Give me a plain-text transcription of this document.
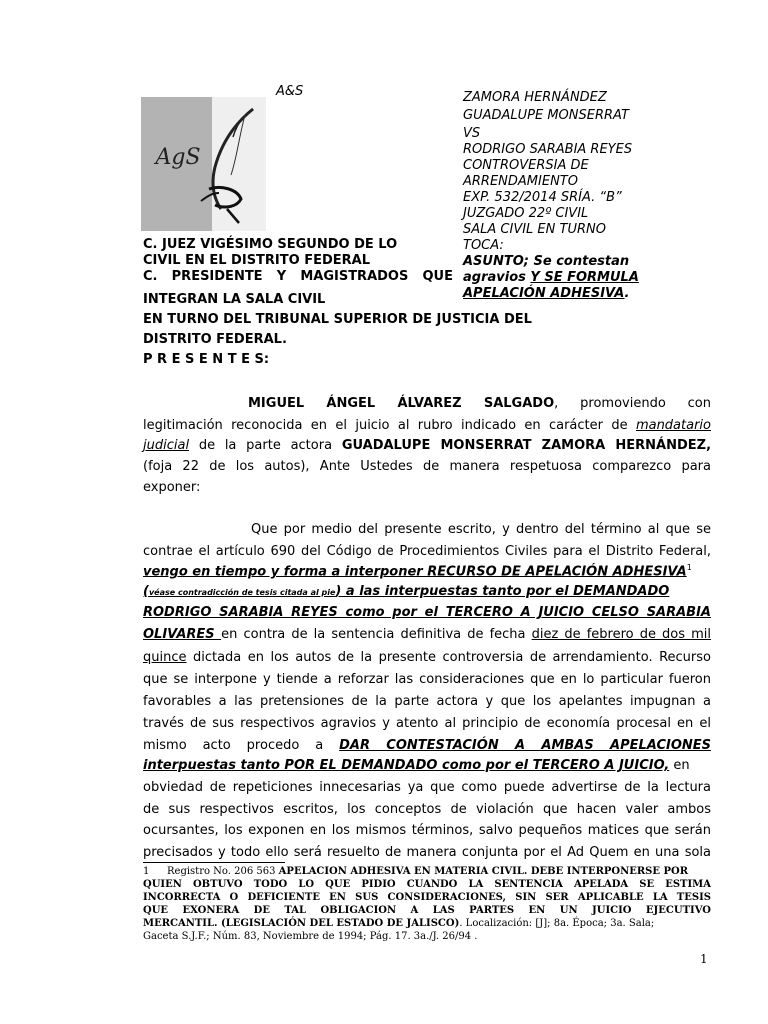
AgS
A&S	ZAMORA HERNÁNDEZ
GUADALUPE MONSERRAT
VS
RODRIGO SARABIA REYES
CONTROVERSIA DE
ARRENDAMIENTO
EXP. 532/2014 SRÍA. “B”
JUZGADO 22º CIVIL
SALA CIVIL EN TURNO
TOCA:
ASUNTO; Se contestan
agravios Y SE FORMULA
APELACIÓN ADHESIVA.
C. JUEZ VIGÉSIMO SEGUNDO DE LO
CIVIL EN EL DISTRITO FEDERAL
C. PRESIDENTE Y MAGISTRADOS QUE
INTEGRAN LA SALA CIVIL
EN TURNO DEL TRIBUNAL SUPERIOR DE JUSTICIA DEL
DISTRITO FEDERAL.
P R E S E N T E S:
MIGUEL ÁNGEL ÁLVAREZ SALGADO, promoviendo con
legitimación reconocida en el juicio al rubro indicado en carácter de mandatario
judicial de la parte actora GUADALUPE MONSERRAT ZAMORA HERNÁNDEZ,
(foja 22 de los autos), Ante Ustedes de manera respetuosa comparezco para
exponer:
Que por medio del presente escrito, y dentro del término al que se
contrae el artículo 690 del Código de Procedimientos Civiles para el Distrito Federal,
vengo en tiempo y forma a interponer RECURSO DE APELACIÓN ADHESIVA$^1$
(véase contradicción de tesis citada al pie) a las interpuestas tanto por el DEMANDADO
RODRIGO SARABIA REYES como por el TERCERO A JUICIO CELSO SARABIA
OLIVARES en contra de la sentencia definitiva de fecha diez de febrero de dos mil
quince dictada en los autos de la presente controversia de arrendamiento. Recurso
que se interpone y tiende a reforzar las consideraciones que en lo particular fueron
favorables a las pretensiones de la parte actora y que los apelantes impugnan a
través de sus respectivos agravios y atento al principio de economía procesal en el
mismo acto procedo a DAR CONTESTACIÓN A AMBAS APELACIONES
interpuestas tanto POR EL DEMANDADO como por el TERCERO A JUICIO, en
obviedad de repeticiones innecesarias ya que como puede advertirse de la lectura
de sus respectivos escritos, los conceptos de violación que hacen valer ambos
ocursantes, los exponen en los mismos términos, salvo pequeños matices que serán
precisados y todo ello será resuelto de manera conjunta por el Ad Quem en una sola
1 Registro No. 206 563 APELACION ADHESIVA EN MATERIA CIVIL. DEBE INTERPONERSE POR
QUIEN OBTUVO TODO LO QUE PIDIO CUANDO LA SENTENCIA APELADA SE ESTIMA
INCORRECTA O DEFICIENTE EN SUS CONSIDERACIONES, SIN SER APLICABLE LA TESIS
QUE EXONERA DE TAL OBLIGACION A LAS PARTES EN UN JUICIO EJECUTIVO
MERCANTIL. (LEGISLACIÓN DEL ESTADO DE JALISCO). Localización: [J]; 8a. Época; 3a. Sala;
Gaceta S.J.F.; Núm. 83, Noviembre de 1994; Pág. 17. 3a./J. 26/94 .
1
